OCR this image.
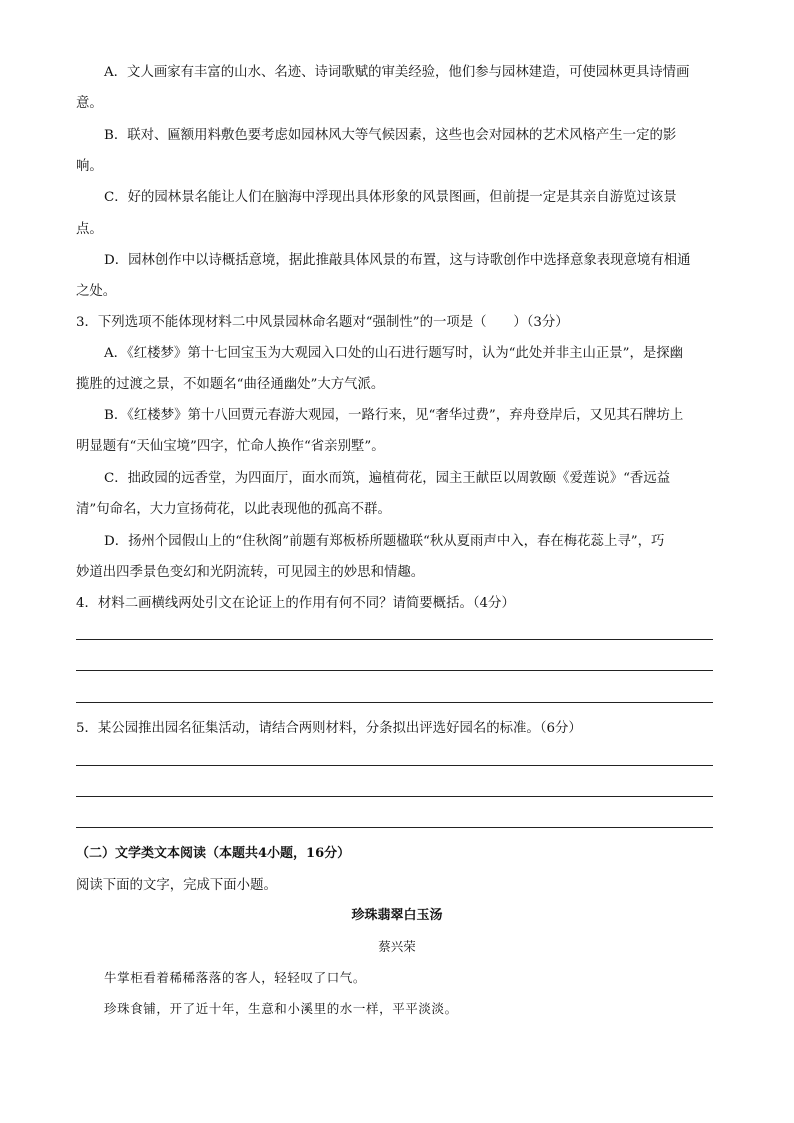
A．文人画家有丰富的山水、名迹、诗词歌赋的审美经验，他们参与园林建造，可使园林更具诗情画
意。
B．联对、匾额用料敷色要考虑如园林风大等气候因素，这些也会对园林的艺术风格产生一定的影
响。
C．好的园林景名能让人们在脑海中浮现出具体形象的风景图画，但前提一定是其亲自游览过该景
点。
D．园林创作中以诗概括意境，据此推敲具体风景的布置，这与诗歌创作中选择意象表现意境有相通
之处。
3．下列选项不能体现材料二中风景园林命名题对“强制性”的一项是（　　）（3分）
A．《红楼梦》第十七回宝玉为大观园入口处的山石进行题写时，认为“此处并非主山正景”，是探幽
揽胜的过渡之景，不如题名“曲径通幽处”大方气派。
B．《红楼梦》第十八回贾元春游大观园，一路行来，见“奢华过费”，弃舟登岸后，又见其石牌坊上
明显题有“天仙宝境”四字，忙命人换作“省亲别墅”。
C．拙政园的远香堂，为四面厅，面水而筑，遍植荷花，园主王献臣以周敦颐《爱莲说》“香远益
清”句命名，大力宣扬荷花，以此表现他的孤高不群。
D．扬州个园假山上的“住秋阁”前题有郑板桥所题楹联“秋从夏雨声中入，春在梅花蕊上寻”，巧
妙道出四季景色变幻和光阴流转，可见园主的妙思和情趣。
4．材料二画横线两处引文在论证上的作用有何不同？请简要概括。（4分）
5．某公园推出园名征集活动，请结合两则材料，分条拟出评选好园名的标准。（6分）
（二）文学类文本阅读（本题共4小题，16分）
阅读下面的文字，完成下面小题。
珍珠翡翠白玉汤
蔡兴荣
牛掌柜看着稀稀落落的客人，轻轻叹了口气。
珍珠食铺，开了近十年，生意和小溪里的水一样，平平淡淡。
